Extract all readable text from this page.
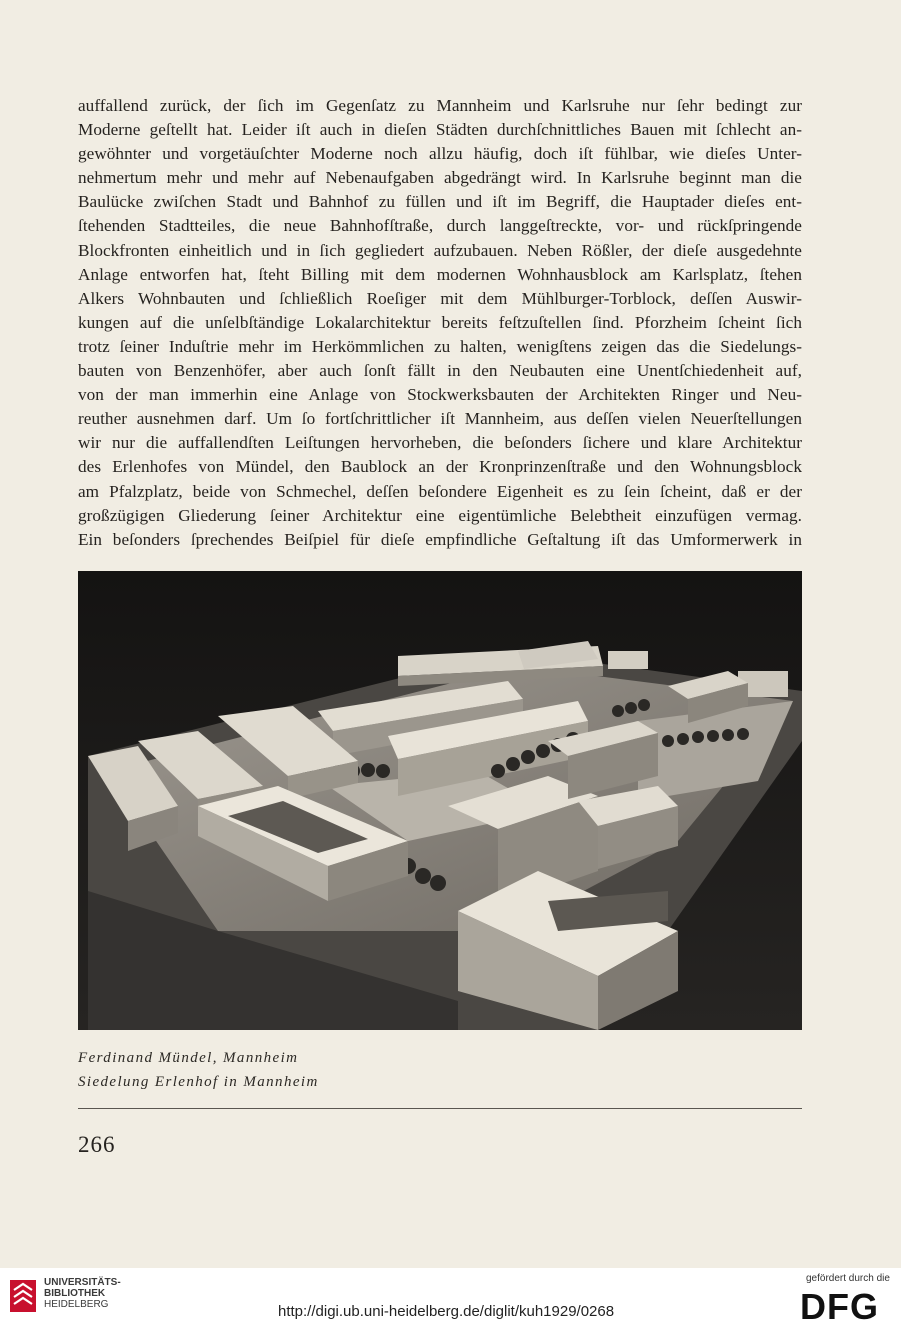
auffallend zurück, der ſich im Gegenſatz zu Mannheim und Karlsruhe nur ſehr bedingt zur
Moderne geſtellt hat. Leider iſt auch in dieſen Städten durchſchnittliches Bauen mit ſchlecht an-
gewöhnter und vorgetäuſchter Moderne noch allzu häufig, doch iſt fühlbar, wie dieſes Unter-
nehmertum mehr und mehr auf Nebenaufgaben abgedrängt wird. In Karlsruhe beginnt man die
Baulücke zwiſchen Stadt und Bahnhof zu füllen und iſt im Begriff, die Hauptader dieſes ent-
ſtehenden Stadtteiles, die neue Bahnhofſtraße, durch langgeſtreckte, vor- und rückſpringende
Blockfronten einheitlich und in ſich gegliedert aufzubauen. Neben Rößler, der dieſe ausgedehnte
Anlage entworfen hat, ſteht Billing mit dem modernen Wohnhausblock am Karlsplatz, ſtehen
Alkers Wohnbauten und ſchließlich Roeſiger mit dem Mühlburger-Torblock, deſſen Auswir-
kungen auf die unſelbſtändige Lokalarchitektur bereits feſtzuſtellen ſind. Pforzheim ſcheint ſich
trotz ſeiner Induſtrie mehr im Herkömmlichen zu halten, wenigſtens zeigen das die Siedelungs-
bauten von Benzenhöfer, aber auch ſonſt fällt in den Neubauten eine Unentſchiedenheit auf,
von der man immerhin eine Anlage von Stockwerksbauten der Architekten Ringer und Neu-
reuther ausnehmen darf. Um ſo fortſchrittlicher iſt Mannheim, aus deſſen vielen Neuerſtellungen
wir nur die auffallendſten Leiſtungen hervorheben, die beſonders ſichere und klare Architektur
des Erlenhofes von Mündel, den Baublock an der Kronprinzenſtraße und den Wohnungsblock
am Pfalzplatz, beide von Schmechel, deſſen beſondere Eigenheit es zu ſein ſcheint, daß er der
großzügigen Gliederung ſeiner Architektur eine eigentümliche Belebtheit einzufügen vermag.
Ein beſonders ſprechendes Beiſpiel für dieſe empfindliche Geſtaltung iſt das Umformerwerk in
Ferdinand Mündel, Mannheim
Siedelung Erlenhof in Mannheim
266
UNIVERSITÄTS-
BIBLIOTHEK
HEIDELBERG	http://digi.ub.uni-heidelberg.de/diglit/kuh1929/0268
gefördert durch die
DFG
